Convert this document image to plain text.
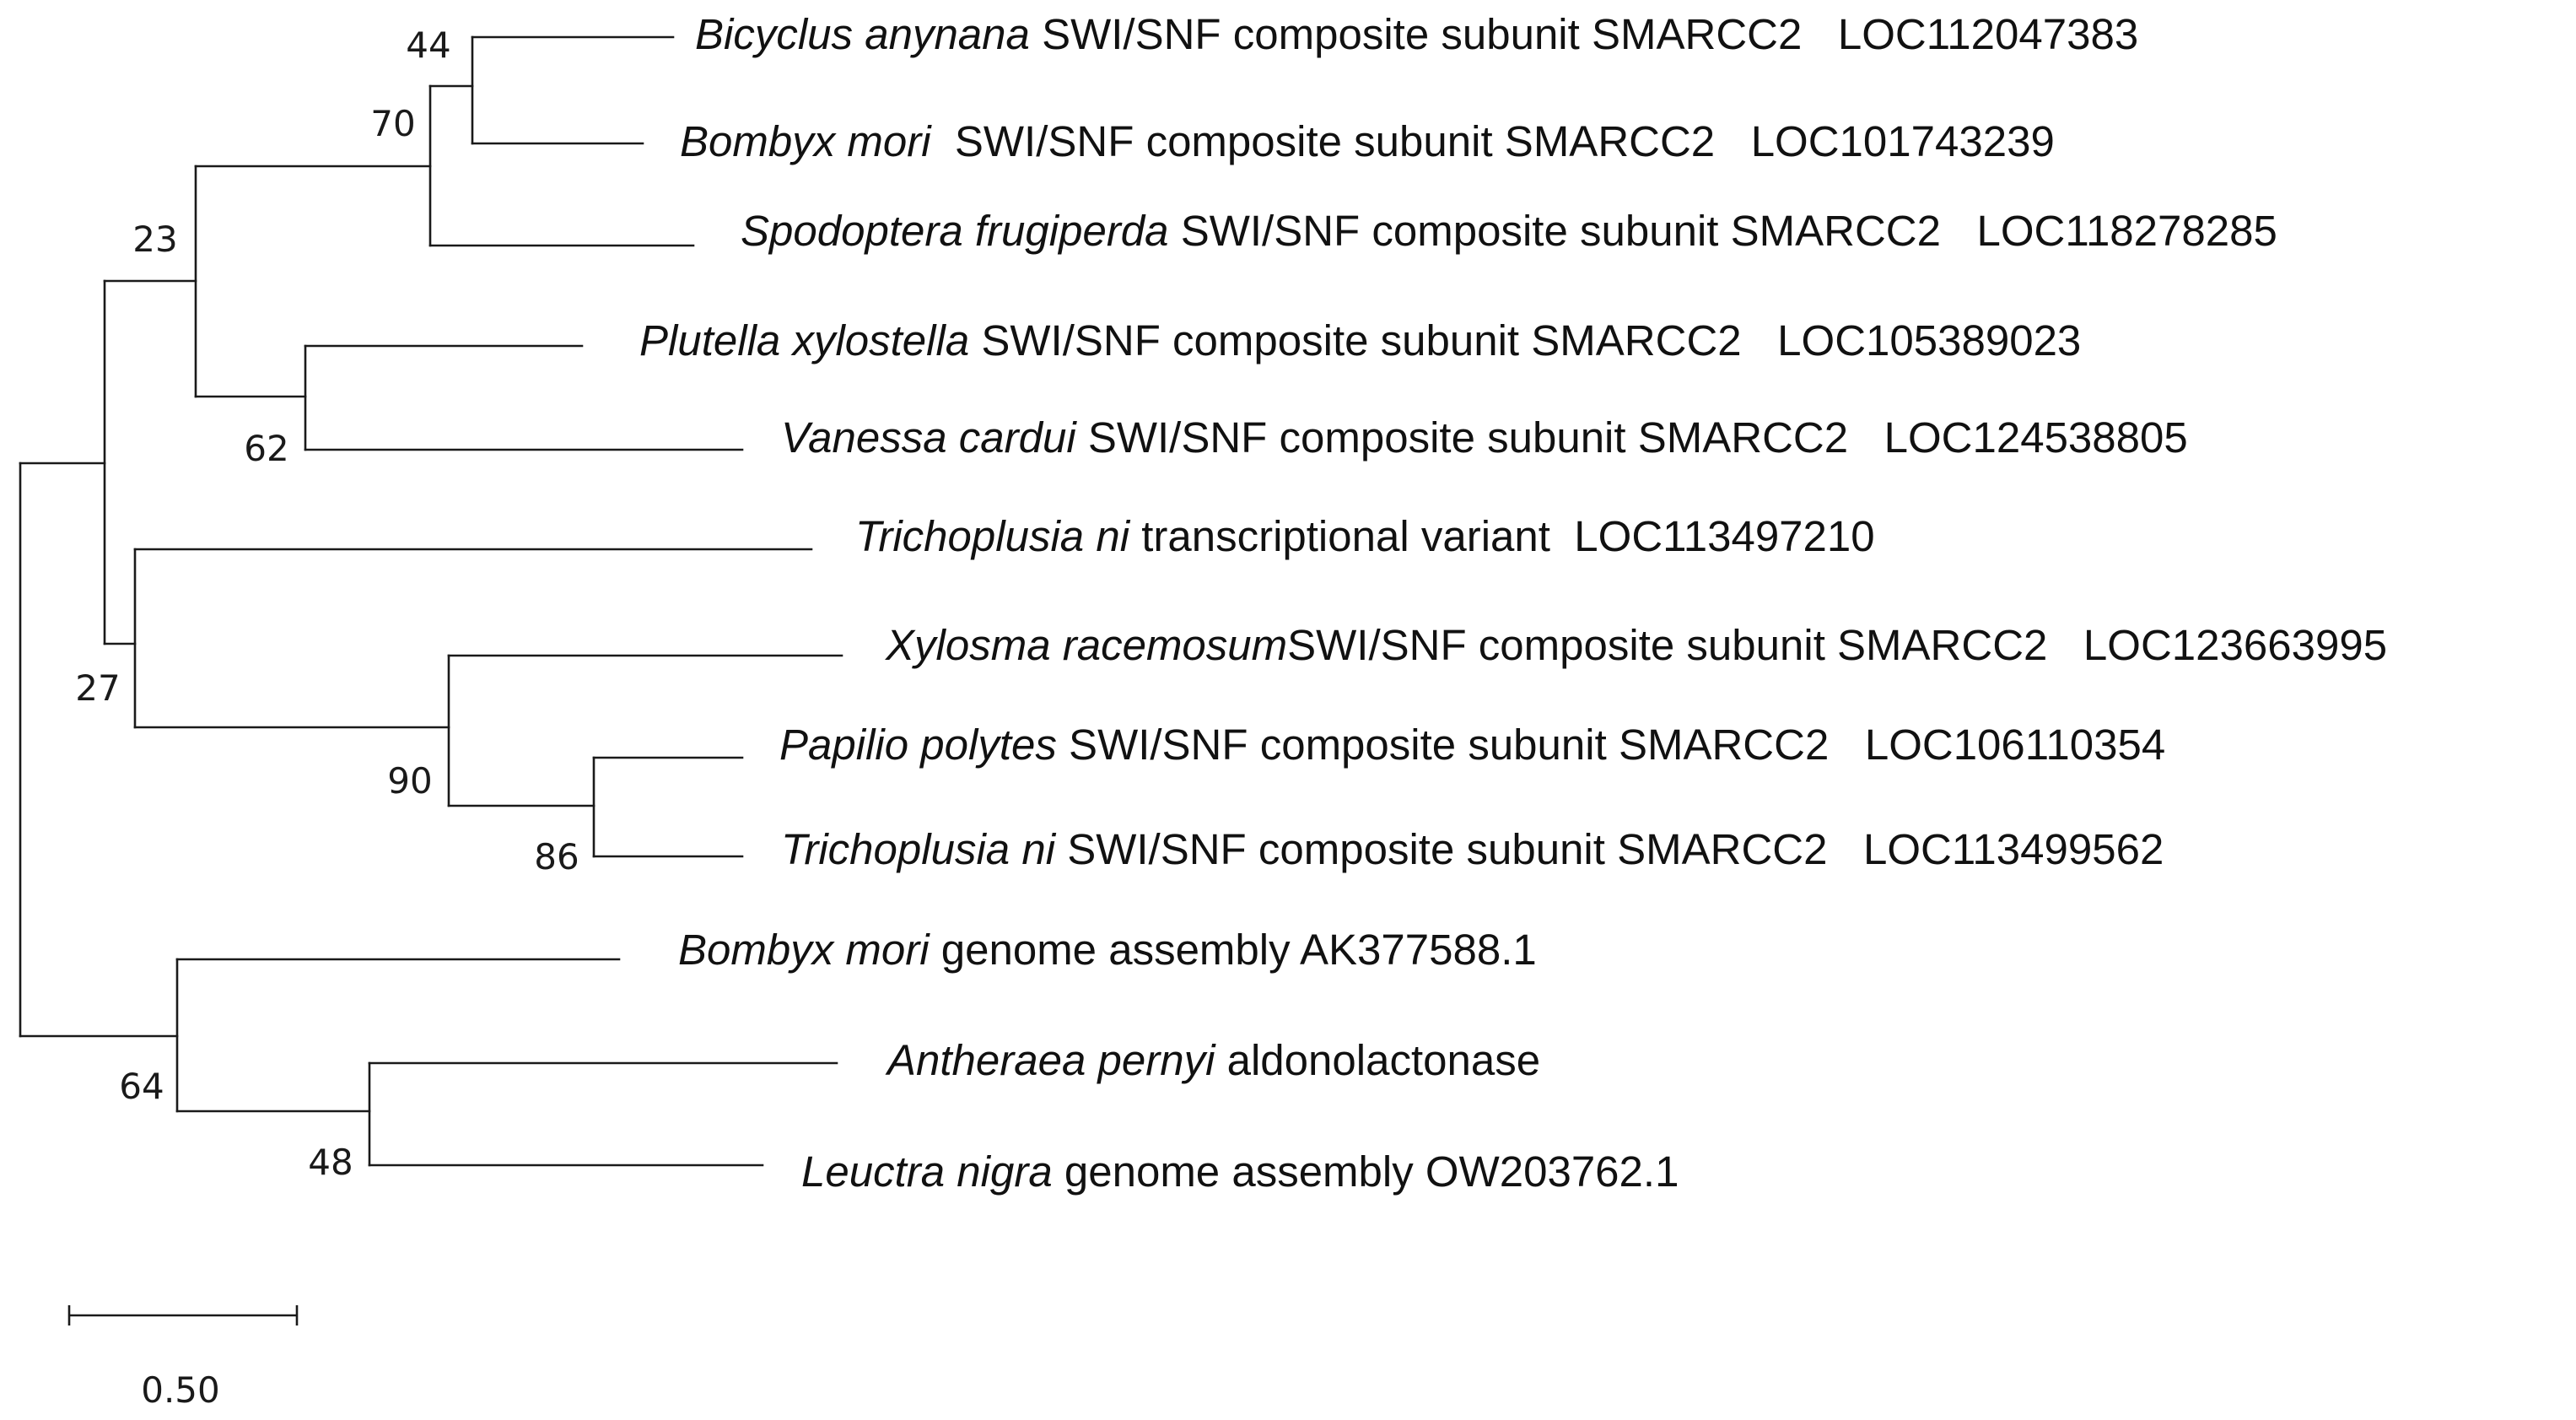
44
70
23
62
27
90
86
64
48
Bicyclus anynana SWI/SNF composite subunit SMARCC2 LOC112047383
Bombyx mori SWI/SNF composite subunit SMARCC2 LOC101743239
Spodoptera frugiperda SWI/SNF composite subunit SMARCC2 LOC118278285
Plutella xylostella SWI/SNF composite subunit SMARCC2 LOC105389023
Vanessa cardui SWI/SNF composite subunit SMARCC2 LOC124538805
Trichoplusia ni transcriptional variant LOC113497210
Xylosma racemosumSWI/SNF composite subunit SMARCC2 LOC123663995
Papilio polytes SWI/SNF composite subunit SMARCC2 LOC106110354
Trichoplusia ni SWI/SNF composite subunit SMARCC2 LOC113499562
Bombyx mori genome assembly AK377588.1
Antheraea pernyi aldonolactonase
Leuctra nigra genome assembly OW203762.1
0.50
